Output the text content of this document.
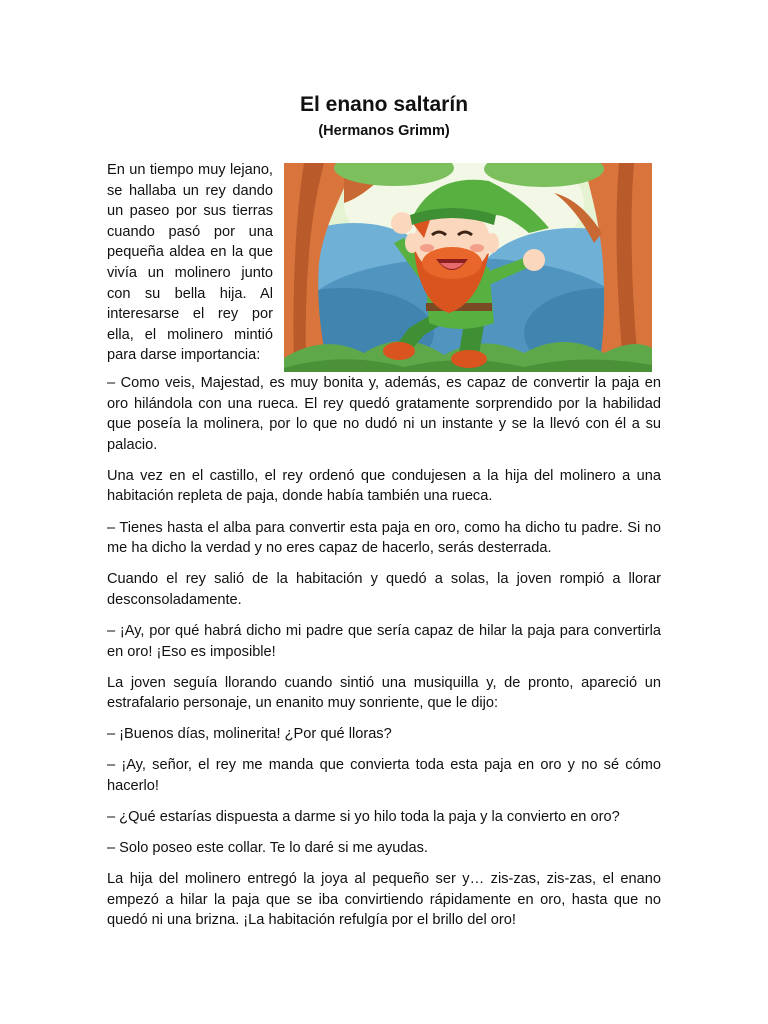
El enano saltarín
(Hermanos Grimm)

En un tiempo muy lejano, se hallaba un rey dando un paseo por sus tierras cuando pasó por una pequeña aldea en la que vivía un molinero junto con su bella hija. Al interesarse el rey por ella, el molinero mintió para darse importancia:

– Como veis, Majestad, es muy bonita y, además, es capaz de convertir la paja en oro hilándola con una rueca. El rey quedó gratamente sorprendido por la habilidad que poseía la molinera, por lo que no dudó ni un instante y se la llevó con él a su palacio.

Una vez en el castillo, el rey ordenó que condujesen a la hija del molinero a una habitación repleta de paja, donde había también una rueca.

– Tienes hasta el alba para convertir esta paja en oro, como ha dicho tu padre. Si no me ha dicho la verdad y no eres capaz de hacerlo, serás desterrada.

Cuando el rey salió de la habitación y quedó a solas, la joven rompió a llorar desconsoladamente.

– ¡Ay, por qué habrá dicho mi padre que sería capaz de hilar la paja para convertirla en oro! ¡Eso es imposible!

La joven seguía llorando cuando sintió una musiquilla y, de pronto, apareció un estrafalario personaje, un enanito muy sonriente, que le dijo:

– ¡Buenos días, molinerita! ¿Por qué lloras?

– ¡Ay, señor, el rey me manda que convierta toda esta paja en oro y no sé cómo hacerlo!

– ¿Qué estarías dispuesta a darme si yo hilo toda la paja y la convierto en oro?

– Solo poseo este collar. Te lo daré si me ayudas.

La hija del molinero entregó la joya al pequeño ser y… zis-zas, zis-zas, el enano empezó a hilar la paja que se iba convirtiendo rápidamente en oro, hasta que no quedó ni una brizna. ¡La habitación refulgía por el brillo del oro!
